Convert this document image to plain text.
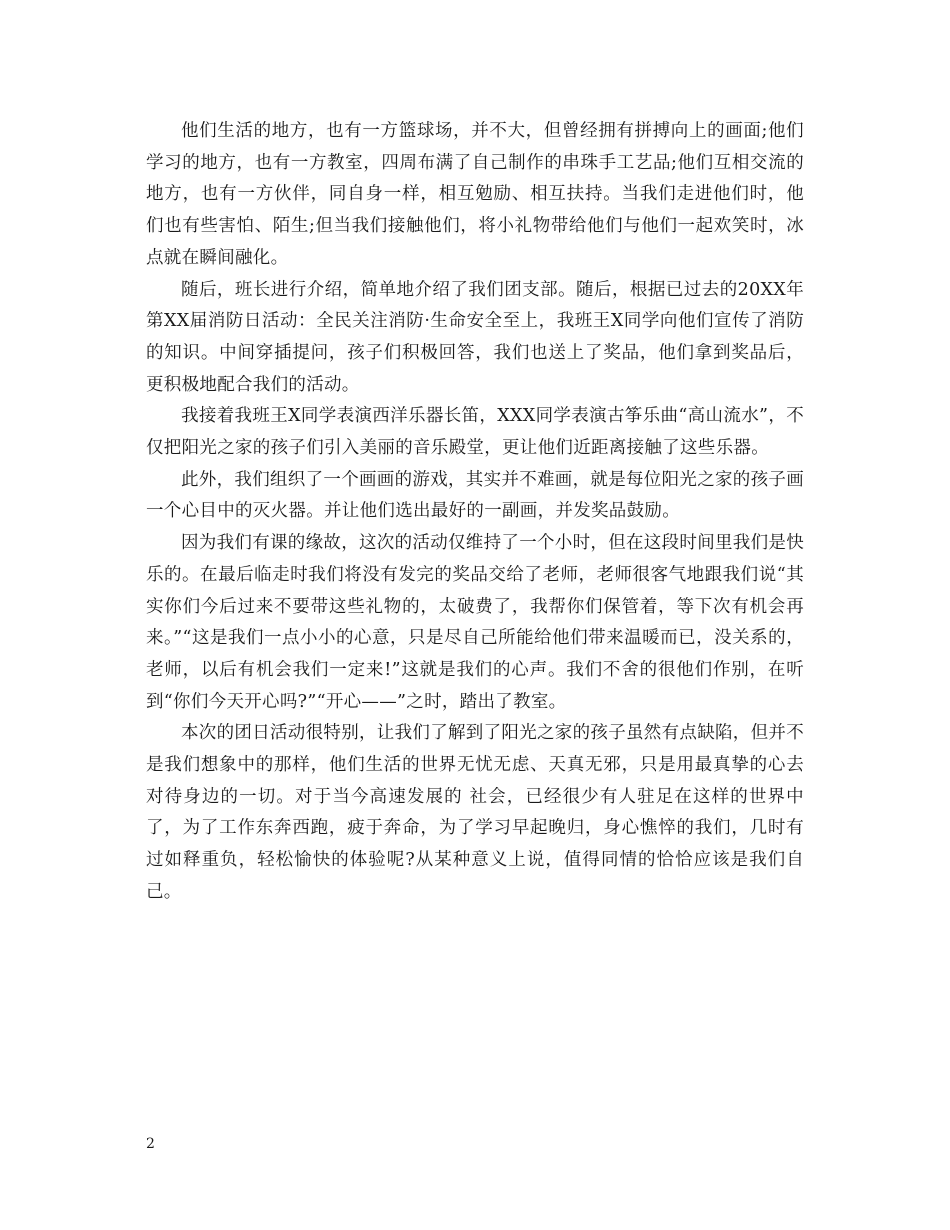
他们生活的地方，也有一方篮球场，并不大，但曾经拥有拼搏向上的画面;他们学习的地方，也有一方教室，四周布满了自己制作的串珠手工艺品;他们互相交流的地方，也有一方伙伴，同自身一样，相互勉励、相互扶持。当我们走进他们时，他们也有些害怕、陌生;但当我们接触他们，将小礼物带给他们与他们一起欢笑时，冰点就在瞬间融化。

随后，班长进行介绍，简单地介绍了我们团支部。随后，根据已过去的20XX年第XX届消防日活动：全民关注消防·生命安全至上，我班王X同学向他们宣传了消防的知识。中间穿插提问，孩子们积极回答，我们也送上了奖品，他们拿到奖品后，更积极地配合我们的活动。

我接着我班王X同学表演西洋乐器长笛，XXX同学表演古筝乐曲“高山流水”，不仅把阳光之家的孩子们引入美丽的音乐殿堂，更让他们近距离接触了这些乐器。

此外，我们组织了一个画画的游戏，其实并不难画，就是每位阳光之家的孩子画一个心目中的灭火器。并让他们选出最好的一副画，并发奖品鼓励。

因为我们有课的缘故，这次的活动仅维持了一个小时，但在这段时间里我们是快乐的。在最后临走时我们将没有发完的奖品交给了老师，老师很客气地跟我们说“其实你们今后过来不要带这些礼物的，太破费了，我帮你们保管着，等下次有机会再来。”“这是我们一点小小的心意，只是尽自己所能给他们带来温暖而已，没关系的，老师，以后有机会我们一定来!”这就是我们的心声。我们不舍的很他们作别，在听到“你们今天开心吗?”“开心——”之时，踏出了教室。

本次的团日活动很特别，让我们了解到了阳光之家的孩子虽然有点缺陷，但并不是我们想象中的那样，他们生活的世界无忧无虑、天真无邪，只是用最真挚的心去对待身边的一切。对于当今高速发展的 社会，已经很少有人驻足在这样的世界中了，为了工作东奔西跑，疲于奔命，为了学习早起晚归，身心憔悴的我们，几时有过如释重负，轻松愉快的体验呢?从某种意义上说，值得同情的恰恰应该是我们自己。

2
